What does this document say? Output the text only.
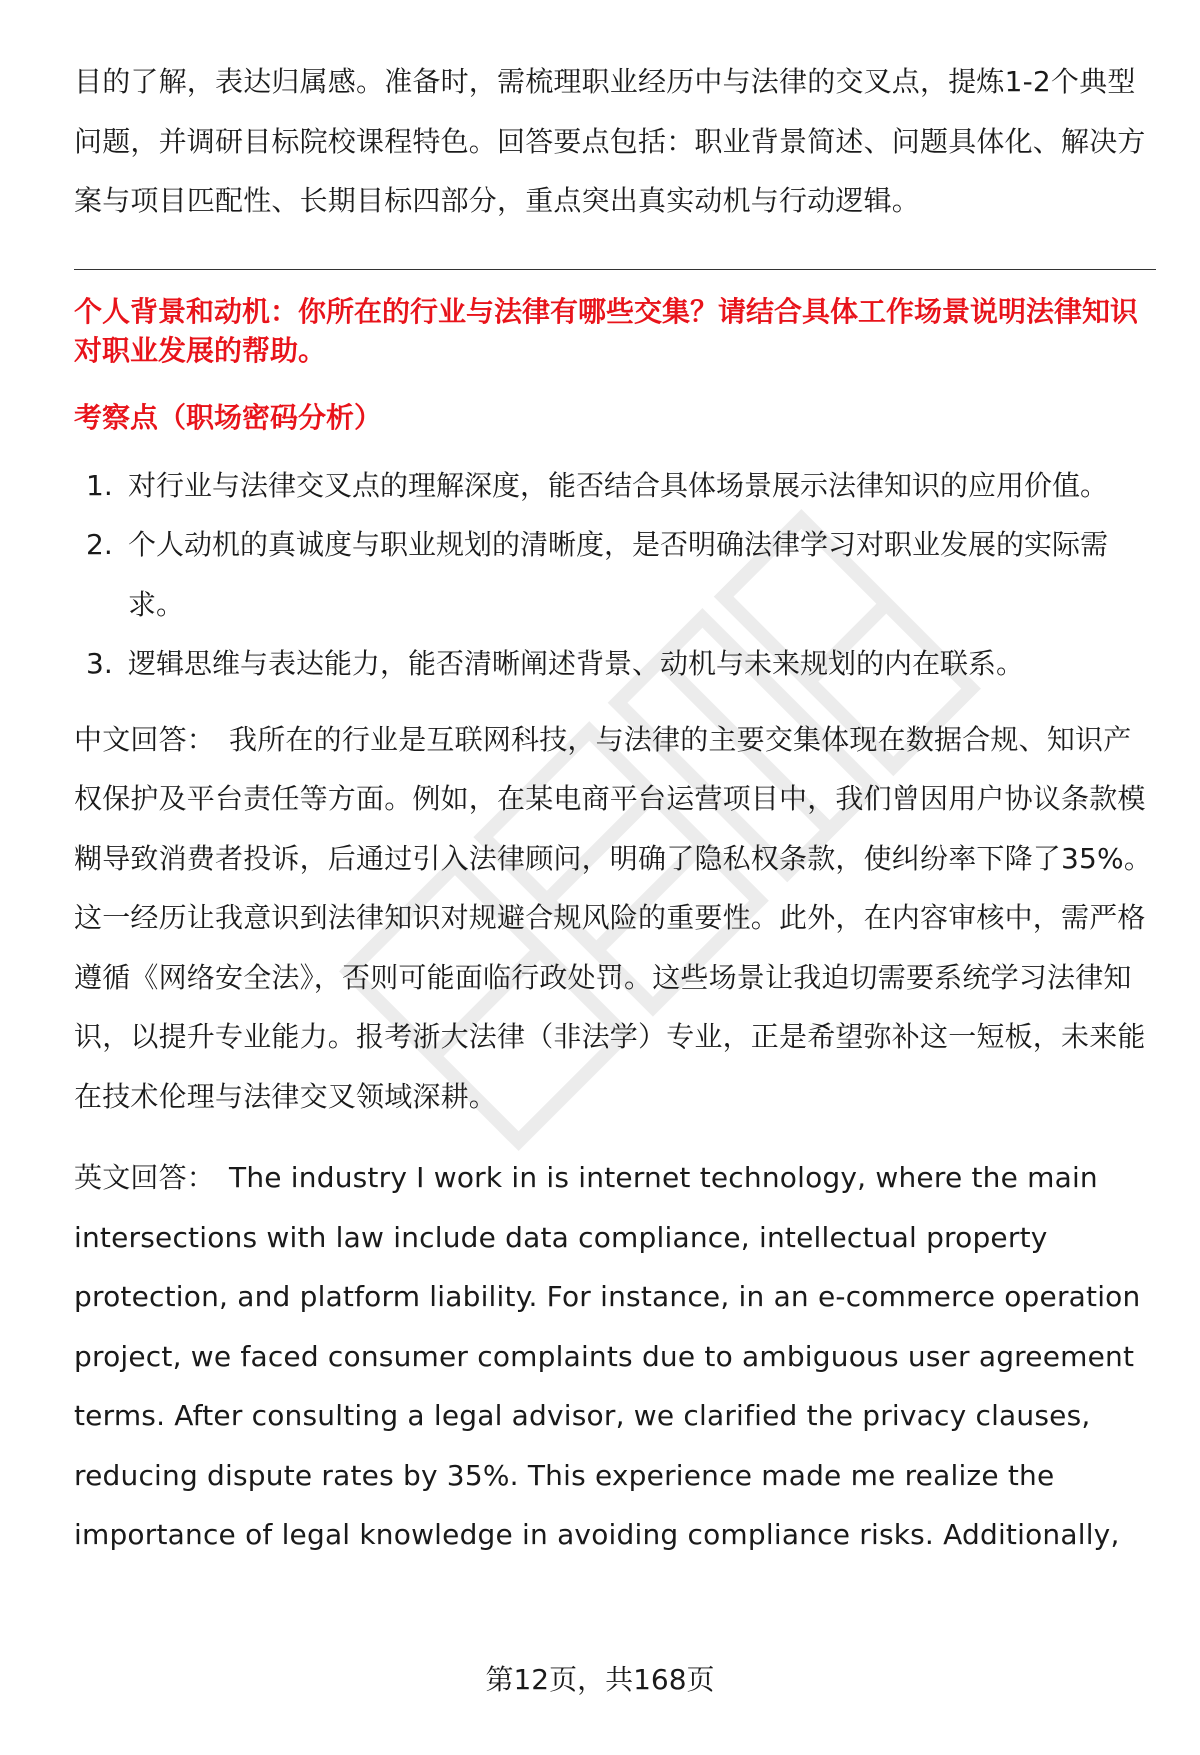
目的了解，表达归属感。准备时，需梳理职业经历中与法律的交叉点，提炼1-2个典型问题，并调研目标院校课程特色。回答要点包括：职业背景简述、问题具体化、解决方案与项目匹配性、长期目标四部分，重点突出真实动机与行动逻辑。

个人背景和动机：你所在的行业与法律有哪些交集？请结合具体工作场景说明法律知识对职业发展的帮助。

考察点（职场密码分析）

1. 对行业与法律交叉点的理解深度，能否结合具体场景展示法律知识的应用价值。
2. 个人动机的真诚度与职业规划的清晰度，是否明确法律学习对职业发展的实际需求。
3. 逻辑思维与表达能力，能否清晰阐述背景、动机与未来规划的内在联系。

中文回答： 我所在的行业是互联网科技，与法律的主要交集体现在数据合规、知识产权保护及平台责任等方面。例如，在某电商平台运营项目中，我们曾因用户协议条款模糊导致消费者投诉，后通过引入法律顾问，明确了隐私权条款，使纠纷率下降了35%。这一经历让我意识到法律知识对规避合规风险的重要性。此外，在内容审核中，需严格遵循《网络安全法》，否则可能面临行政处罚。这些场景让我迫切需要系统学习法律知识，以提升专业能力。报考浙大法律（非法学）专业，正是希望弥补这一短板，未来能在技术伦理与法律交叉领域深耕。

英文回答： The industry I work in is internet technology, where the main intersections with law include data compliance, intellectual property protection, and platform liability. For instance, in an e-commerce operation project, we faced consumer complaints due to ambiguous user agreement terms. After consulting a legal advisor, we clarified the privacy clauses, reducing dispute rates by 35%. This experience made me realize the importance of legal knowledge in avoiding compliance risks. Additionally,

第12页，共168页
